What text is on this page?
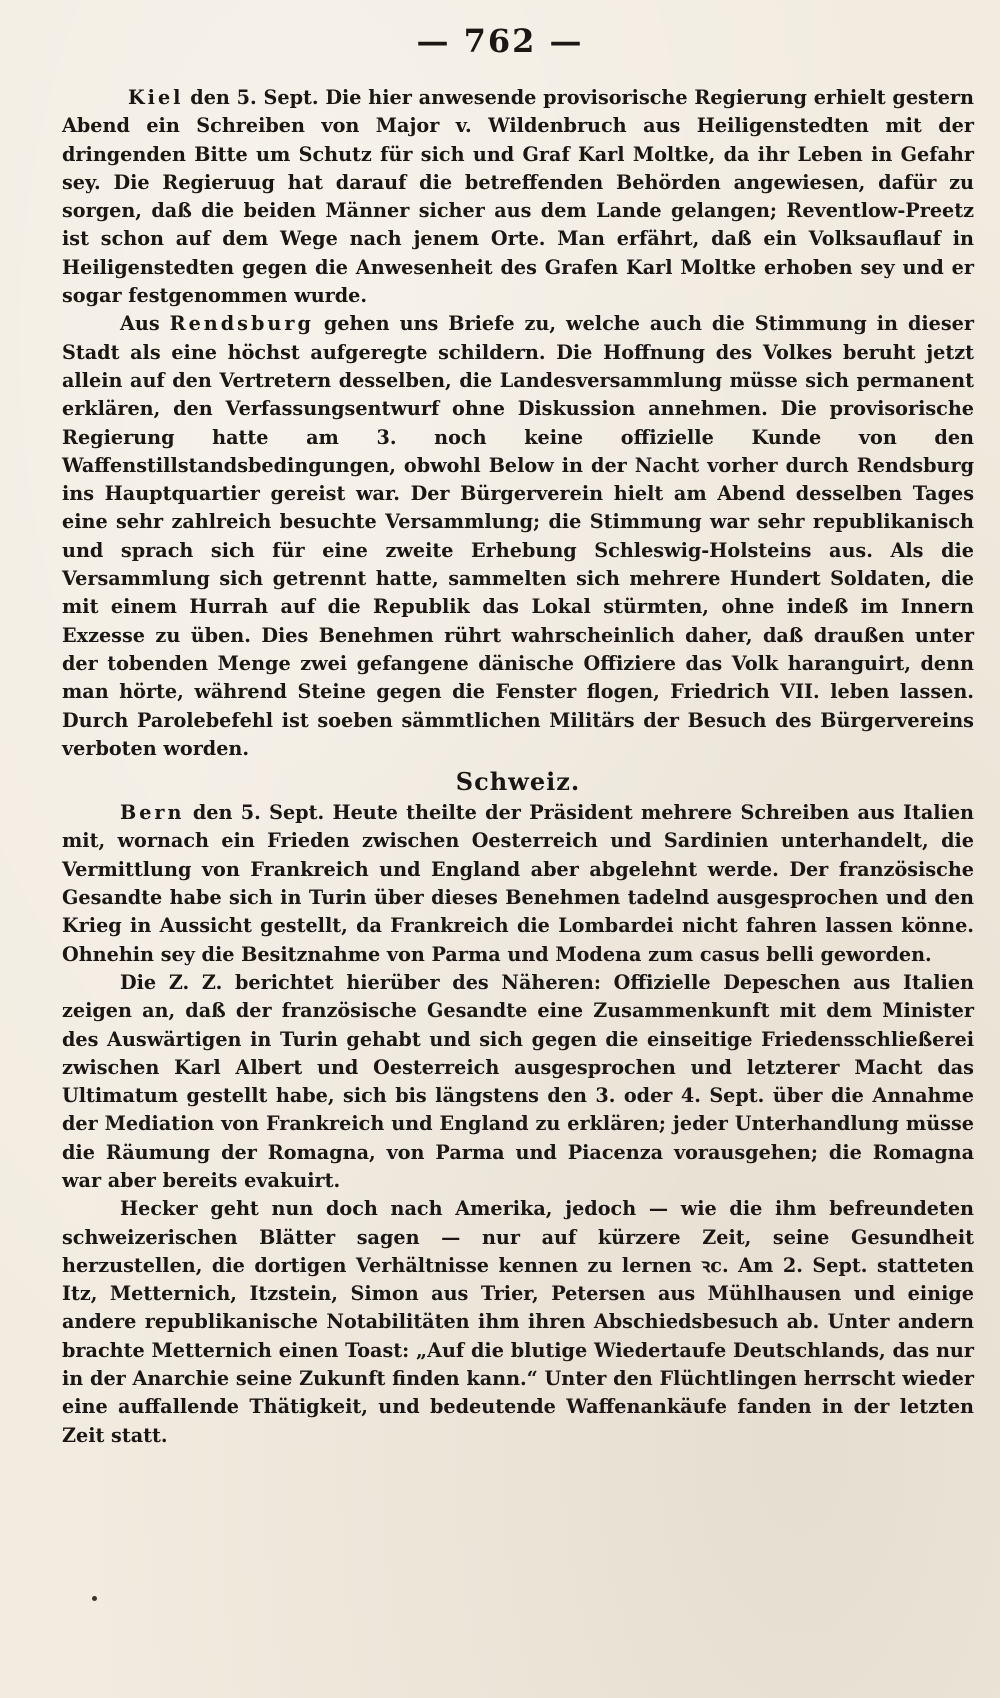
— 762 —

Kiel den 5. Sept. Die hier anwesende provisorische Regierung erhielt gestern Abend ein Schreiben von Major v. Wildenbruch aus Heiligenstedten mit der dringenden Bitte um Schutz für sich und Graf Karl Moltke, da ihr Leben in Gefahr sey. Die Regieruug hat darauf die betreffenden Behörden angewiesen, dafür zu sorgen, daß die beiden Männer sicher aus dem Lande gelangen; Reventlow-Preetz ist schon auf dem Wege nach jenem Orte. Man erfährt, daß ein Volksauflauf in Heiligenstedten gegen die Anwesenheit des Grafen Karl Moltke erhoben sey und er sogar festgenommen wurde.

Aus Rendsburg gehen uns Briefe zu, welche auch die Stimmung in dieser Stadt als eine höchst aufgeregte schildern. Die Hoffnung des Volkes beruht jetzt allein auf den Vertretern desselben, die Landesversammlung müsse sich permanent erklären, den Verfassungsentwurf ohne Diskussion annehmen. Die provisorische Regierung hatte am 3. noch keine offizielle Kunde von den Waffenstillstandsbedingungen, obwohl Below in der Nacht vorher durch Rendsburg ins Hauptquartier gereist war. Der Bürgerverein hielt am Abend desselben Tages eine sehr zahlreich besuchte Versammlung; die Stimmung war sehr republikanisch und sprach sich für eine zweite Erhebung Schleswig-Holsteins aus. Als die Versammlung sich getrennt hatte, sammelten sich mehrere Hundert Soldaten, die mit einem Hurrah auf die Republik das Lokal stürmten, ohne indeß im Innern Exzesse zu üben. Dies Benehmen rührt wahrscheinlich daher, daß draußen unter der tobenden Menge zwei gefangene dänische Offiziere das Volk haranguirt, denn man hörte, während Steine gegen die Fenster flogen, Friedrich VII. leben lassen. Durch Parolebefehl ist soeben sämmtlichen Militärs der Besuch des Bürgervereins verboten worden.

Schweiz.

Bern den 5. Sept. Heute theilte der Präsident mehrere Schreiben aus Italien mit, wornach ein Frieden zwischen Oesterreich und Sardinien unterhandelt, die Vermittlung von Frankreich und England aber abgelehnt werde. Der französische Gesandte habe sich in Turin über dieses Benehmen tadelnd ausgesprochen und den Krieg in Aussicht gestellt, da Frankreich die Lombardei nicht fahren lassen könne. Ohnehin sey die Besitznahme von Parma und Modena zum casus belli geworden.

Die Z. Z. berichtet hierüber des Näheren: Offizielle Depeschen aus Italien zeigen an, daß der französische Gesandte eine Zusammenkunft mit dem Minister des Auswärtigen in Turin gehabt und sich gegen die einseitige Friedensschließerei zwischen Karl Albert und Oesterreich ausgesprochen und letzterer Macht das Ultimatum gestellt habe, sich bis längstens den 3. oder 4. Sept. über die Annahme der Mediation von Frankreich und England zu erklären; jeder Unterhandlung müsse die Räumung der Romagna, von Parma und Piacenza vorausgehen; die Romagna war aber bereits evakuirt.

Hecker geht nun doch nach Amerika, jedoch — wie die ihm befreundeten schweizerischen Blätter sagen — nur auf kürzere Zeit, seine Gesundheit herzustellen, die dortigen Verhältnisse kennen zu lernen ꝛc. Am 2. Sept. statteten Itz, Metternich, Itzstein, Simon aus Trier, Petersen aus Mühlhausen und einige andere republikanische Notabilitäten ihm ihren Abschiedsbesuch ab. Unter andern brachte Metternich einen Toast: „Auf die blutige Wiedertaufe Deutschlands, das nur in der Anarchie seine Zukunft finden kann.“ Unter den Flüchtlingen herrscht wieder eine auffallende Thätigkeit, und bedeutende Waffenankäufe fanden in der letzten Zeit statt.
